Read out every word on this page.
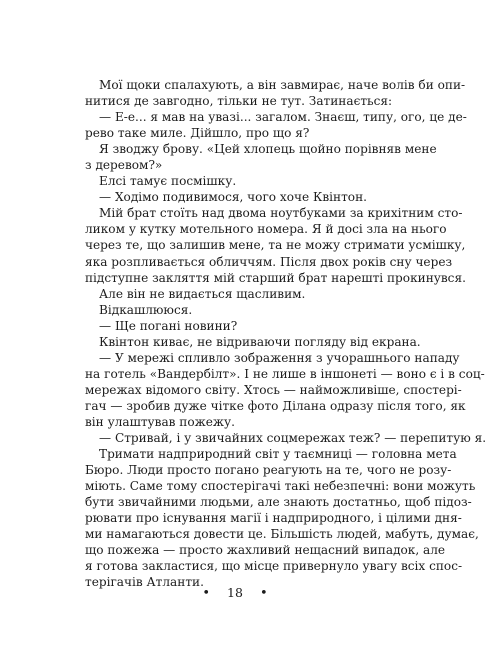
Мої щоки спалахують, а він завмирає, наче волів би опи-
нитися де завгодно, тільки не тут. Затинається:
— Е-е... я мав на увазі... загалом. Знаєш, типу, ого, це де-
рево таке миле. Дійшло, про що я?
Я зводжу брову. «Цей хлопець щойно порівняв мене
з деревом?»
Елсі тамує посмішку.
— Ходімо подивимося, чого хоче Квінтон.
Мій брат стоїть над двома ноутбуками за крихітним сто-
ликом у кутку мотельного номера. Я й досі зла на нього
через те, що залишив мене, та не можу стримати усмішку,
яка розпливається обличчям. Після двох років сну через
підступне закляття мій старший брат нарешті прокинувся.
Але він не видається щасливим.
Відкашлююся.
— Ще погані новини?
Квінтон киває, не відриваючи погляду від екрана.
— У мережі спливло зображення з учорашнього нападу
на готель «Вандербілт». І не лише в іншонеті — воно є і в соц-
мережах відомого світу. Хтось — найможливіше, спостері-
гач — зробив дуже чітке фото Ділана одразу після того, як
він улаштував пожежу.
— Стривай, і у звичайних соцмережах теж? — перепитую я.
Тримати надприродний світ у таємниці — головна мета
Бюро. Люди просто погано реагують на те, чого не розу-
міють. Саме тому спостерігачі такі небезпечні: вони можуть
бути звичайними людьми, але знають достатньо, щоб підоз-
рювати про існування магії і надприродного, і цілими дня-
ми намагаються довести це. Більшість людей, мабуть, думає,
що пожежа — просто жахливий нещасний випадок, але
я готова закластися, що місце привернуло увагу всіх спос-
терігачів Атланти.
• 18 •
